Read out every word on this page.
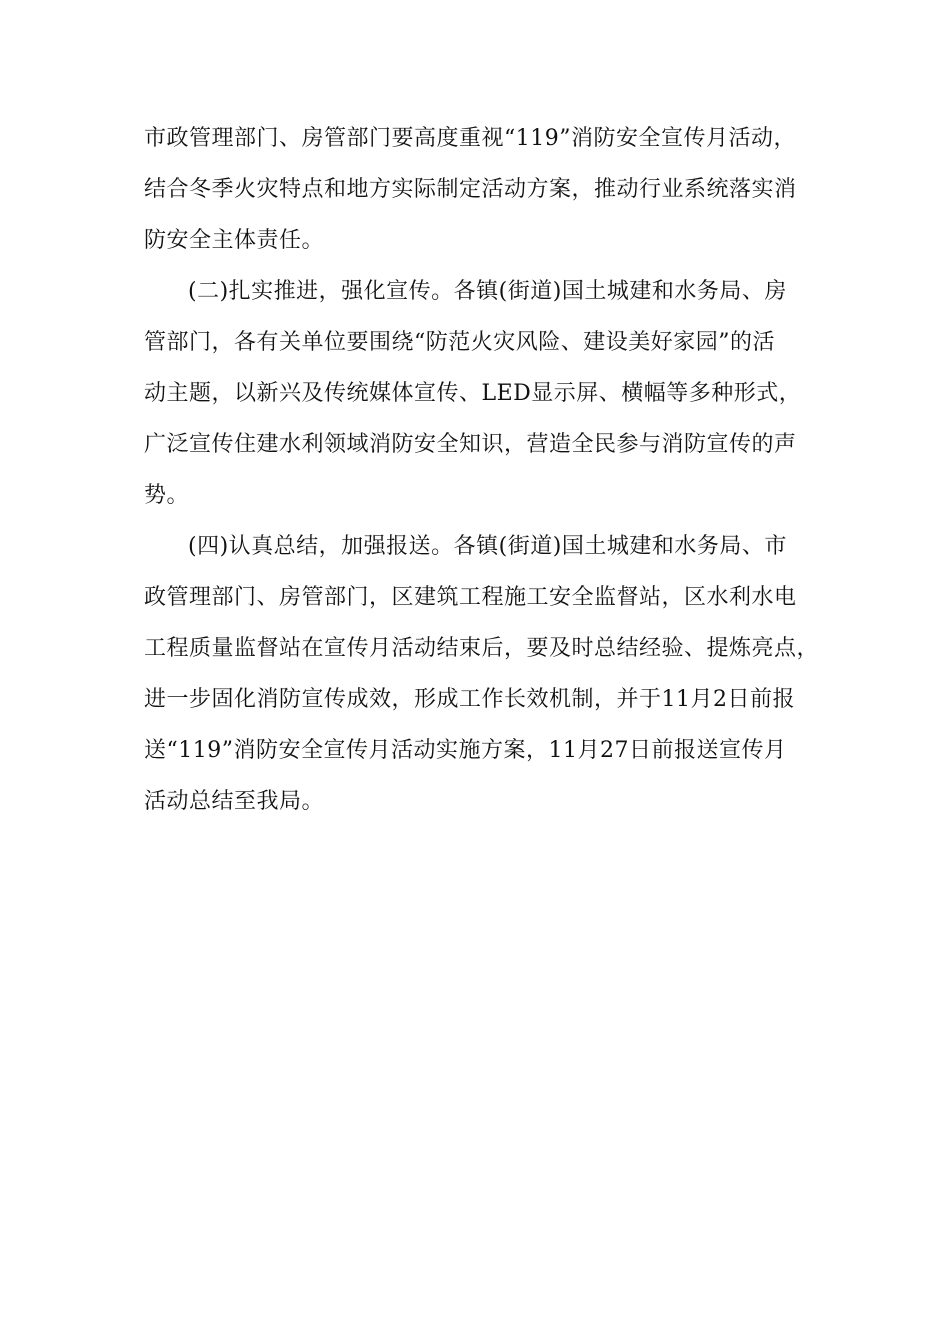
市政管理部门、房管部门要高度重视“119”消防安全宣传月活动，
结合冬季火灾特点和地方实际制定活动方案，推动行业系统落实消
防安全主体责任。

(二)扎实推进，强化宣传。各镇(街道)国土城建和水务局、房
管部门，各有关单位要围绕“防范火灾风险、建设美好家园”的活
动主题，以新兴及传统媒体宣传、LED显示屏、横幅等多种形式，
广泛宣传住建水利领域消防安全知识，营造全民参与消防宣传的声
势。

(四)认真总结，加强报送。各镇(街道)国土城建和水务局、市
政管理部门、房管部门，区建筑工程施工安全监督站，区水利水电
工程质量监督站在宣传月活动结束后，要及时总结经验、提炼亮点，
进一步固化消防宣传成效，形成工作长效机制，并于11月2日前报
送“119”消防安全宣传月活动实施方案，11月27日前报送宣传月
活动总结至我局。
